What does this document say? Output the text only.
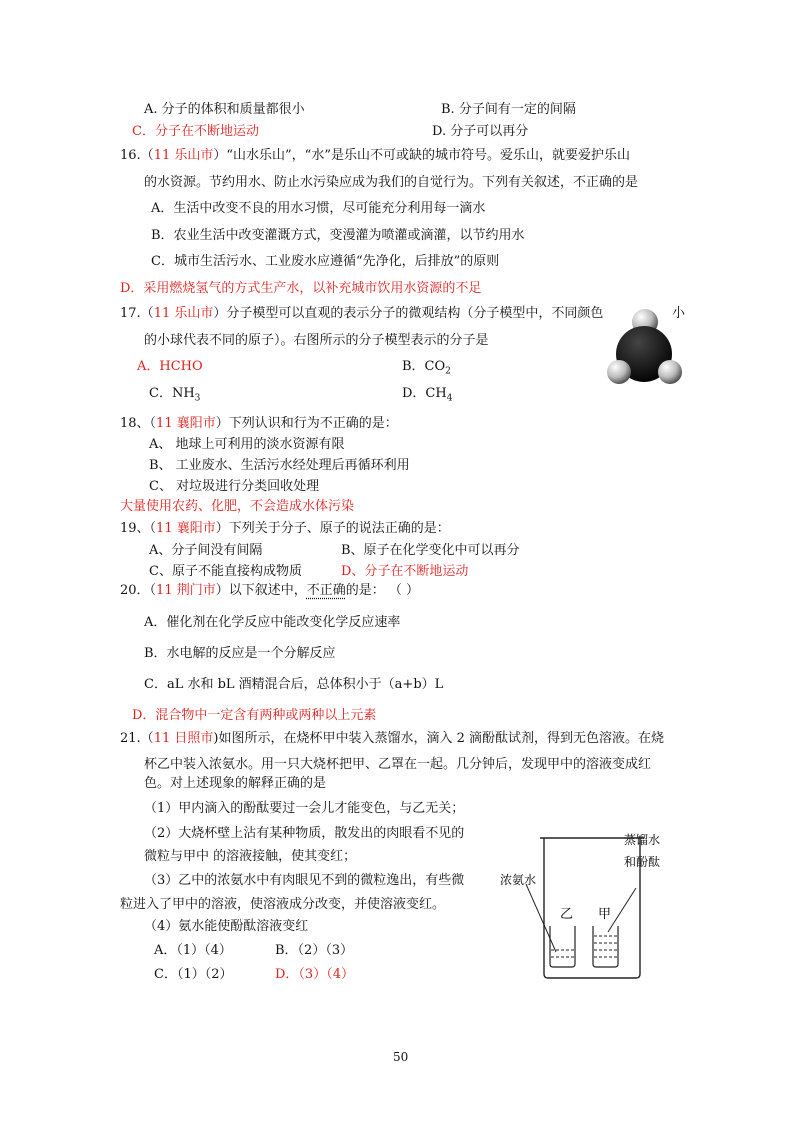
A. 分子的体积和质量都很小	B. 分子间有一定的间隔
C．分子在不断地运动	D. 分子可以再分
16.（11 乐山市）“山水乐山”，“水”是乐山不可或缺的城市符号。爱乐山，就要爱护乐山
的水资源。节约用水、防止水污染应成为我们的自觉行为。下列有关叙述，不正确的是
A．生活中改变不良的用水习惯，尽可能充分利用每一滴水
B．农业生活中改变灌溉方式，变漫灌为喷灌或滴灌，以节约用水
C．城市生活污水、工业废水应遵循“先净化，后排放”的原则
D．采用燃烧氢气的方式生产水，以补充城市饮用水资源的不足
17.（11 乐山市）分子模型可以直观的表示分子的微观结构（分子模型中，不同颜色	小
的小球代表不同的原子）。右图所示的分子模型表示的分子是
A．HCHO	B．$CO_2$
C．$NH_3$	D．$CH_4$
18、（11 襄阳市）下列认识和行为不正确的是：
A、 地球上可利用的淡水资源有限
B、 工业废水、生活污水经处理后再循环利用
C、 对垃圾进行分类回收处理
大量使用农药、化肥，不会造成水体污染
19、（11 襄阳市）下列关于分子、原子的说法正确的是：
A、分子间没有间隔	B、原子在化学变化中可以再分
C、原子不能直接构成物质	D、分子在不断地运动
20．（11 荆门市）以下叙述中，不正确的是： （ ）
A．催化剂在化学反应中能改变化学反应速率
B．水电解的反应是一个分解反应
C．aL 水和 bL 酒精混合后，总体积小于（a+b）L
D．混合物中一定含有两种或两种以上元素
21.（11 日照市)如图所示，在烧杯甲中装入蒸馏水，滴入 2 滴酚酞试剂，得到无色溶液。在烧
杯乙中装入浓氨水。用一只大烧杯把甲、乙罩在一起。几分钟后，发现甲中的溶液变成红
色。对上述现象的解释正确的是
（1）甲内滴入的酚酞要过一会儿才能变色，与乙无关；
（2）大烧杯壁上沾有某种物质，散发出的肉眼看不见的
微粒与甲中 的溶液接触，使其变红；
（3）乙中的浓氨水中有肉眼见不到的微粒逸出，有些微
粒进入了甲中的溶液，使溶液成分改变，并使溶液变红。
（4）氨水能使酚酞溶液变红
A．（1）（4）	B．（2）（3）
C．（1）（2）	D．（3）（4）
浓氨水
蒸馏水
和酚酞
乙 甲
50
